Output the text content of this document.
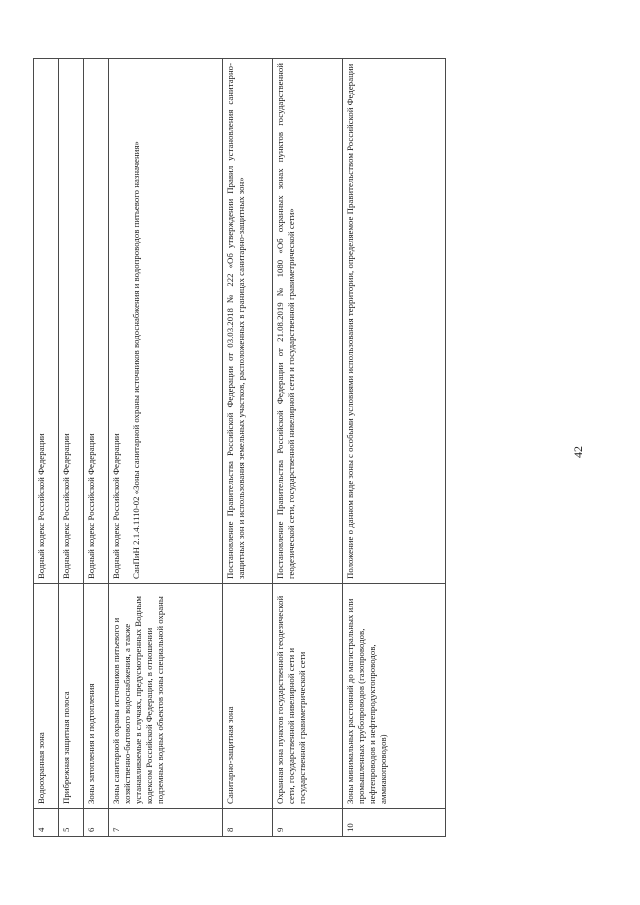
42
4	Водоохранная зона	Водный кодекс Российской Федерации

5	Прибрежная защитная полоса	Водный кодекс Российской Федерации

6	Зоны затопления и подтопления	Водный кодекс Российской Федерации

7	Зоны санитарной охраны источников питьевого и хозяйственно-бытового водоснабжения, а также устанавливаемые в случаях, предусмотренных Водным кодексом Российской Федерации, в отношении подземных водных объектов зоны специальной охраны	Водный кодекс Российской Федерации СанПиН 2.1.4.1110-02 «Зоны санитарной охраны источников водоснабжения и водопроводов питьевого назначения»

8	Санитарно-защитная зона	Постановление Правительства Российской Федерации от 03.03.2018 № 222 «Об утверждении Правил установления санитарно-защитных зон и использования земельных участков, расположенных в границах санитарно-защитных зон»

9	Охранная зона пунктов государственной геодезической сети, государственной нивелирной сети и государственной гравиметрической сети	Постановление Правительства Российской Федерации от 21.08.2019 № 1080 «Об охранных зонах пунктов государственной геодезической сети, государственной нивелирной сети и государственной гравиметрической сети»

10	Зоны минимальных расстояний до магистральных или промышленных трубопроводов (газопроводов, нефтепроводов и нефтепродуктопроводов, аммиакопроводов)	Положение о данном виде зоны с особыми условиями использования территории, определяемое Правительством Российской Федерации
